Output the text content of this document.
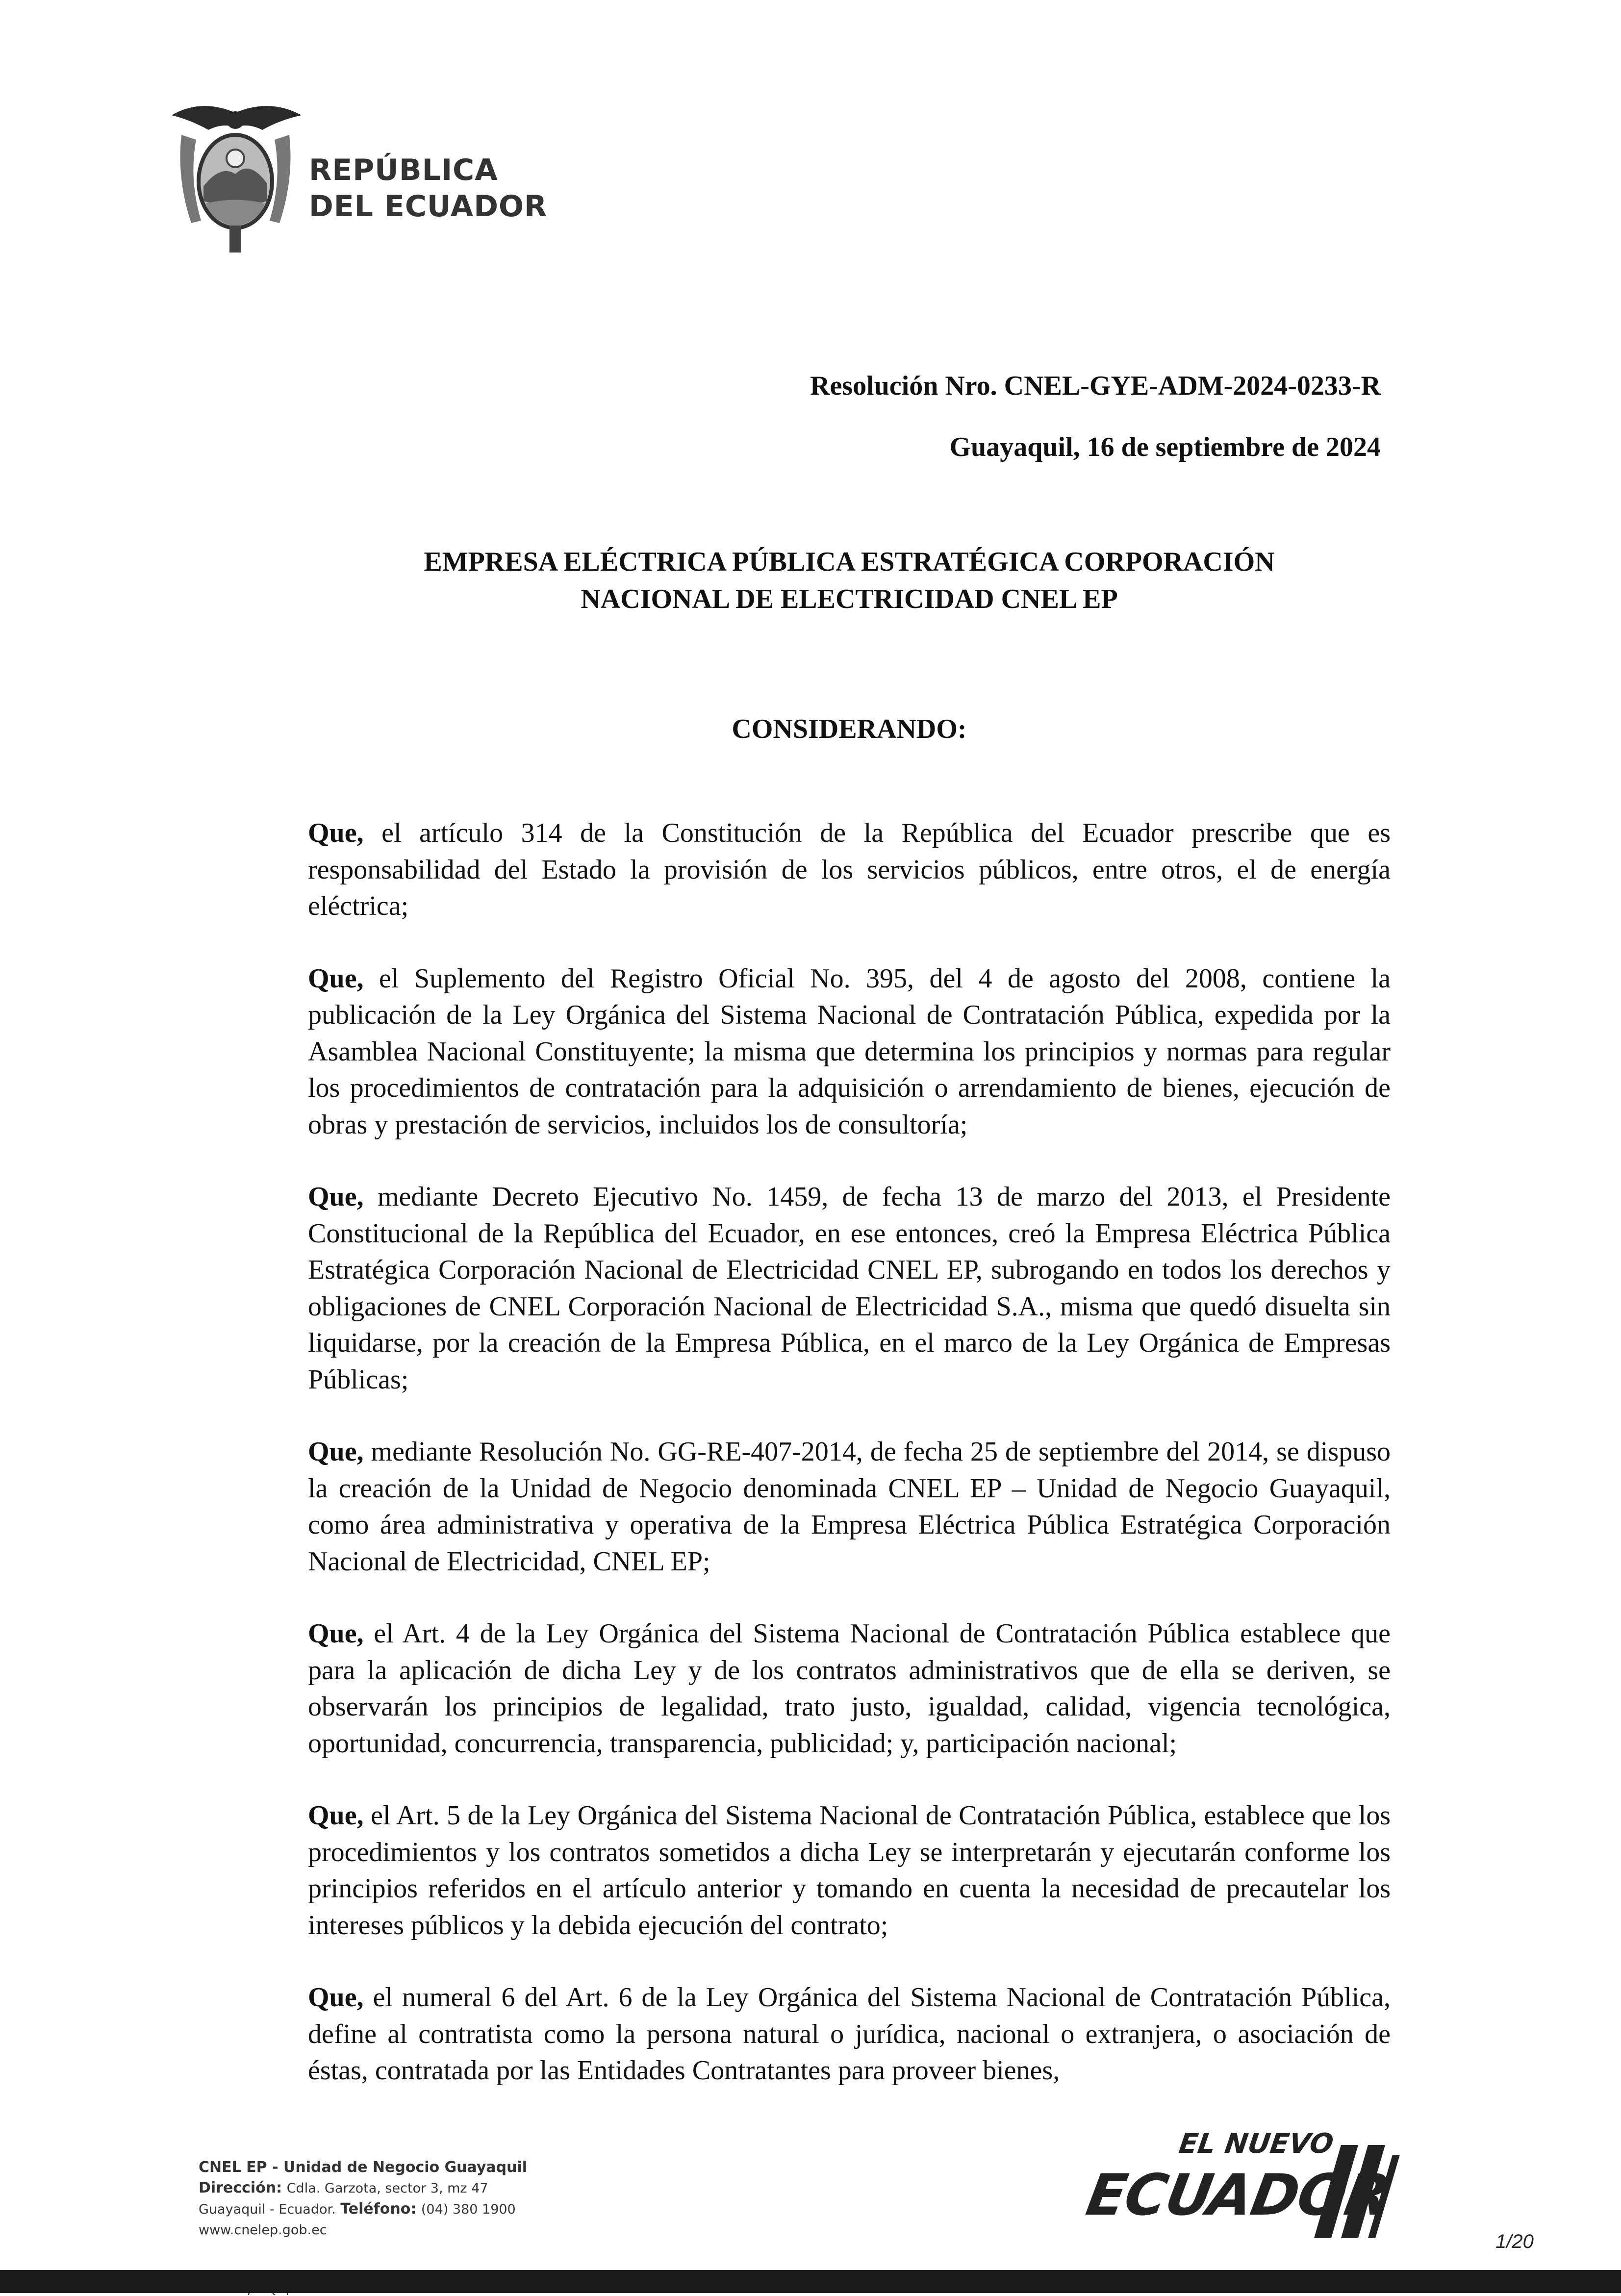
REPÚBLICA
DEL ECUADOR
Resolución Nro. CNEL-GYE-ADM-2024-0233-R
Guayaquil, 16 de septiembre de 2024
EMPRESA ELÉCTRICA PÚBLICA ESTRATÉGICA CORPORACIÓN
NACIONAL DE ELECTRICIDAD CNEL EP
CONSIDERANDO:

Que, el artículo 314 de la Constitución de la República del Ecuador prescribe que es responsabilidad del Estado la provisión de los servicios públicos, entre otros, el de energía eléctrica;

Que, el Suplemento del Registro Oficial No. 395, del 4 de agosto del 2008, contiene la publicación de la Ley Orgánica del Sistema Nacional de Contratación Pública, expedida por la Asamblea Nacional Constituyente; la misma que determina los principios y normas para regular los procedimientos de contratación para la adquisición o arrendamiento de bienes, ejecución de obras y prestación de servicios, incluidos los de consultoría;

Que, mediante Decreto Ejecutivo No. 1459, de fecha 13 de marzo del 2013, el Presidente Constitucional de la República del Ecuador, en ese entonces, creó la Empresa Eléctrica Pública Estratégica Corporación Nacional de Electricidad CNEL EP, subrogando en todos los derechos y obligaciones de CNEL Corporación Nacional de Electricidad S.A., misma que quedó disuelta sin liquidarse, por la creación de la Empresa Pública, en el marco de la Ley Orgánica de Empresas Públicas;

Que, mediante Resolución No. GG-RE-407-2014, de fecha 25 de septiembre del 2014, se dispuso la creación de la Unidad de Negocio denominada CNEL EP – Unidad de Negocio Guayaquil, como área administrativa y operativa de la Empresa Eléctrica Pública Estratégica Corporación Nacional de Electricidad, CNEL EP;

Que, el Art. 4 de la Ley Orgánica del Sistema Nacional de Contratación Pública establece que para la aplicación de dicha Ley y de los contratos administrativos que de ella se deriven, se observarán los principios de legalidad, trato justo, igualdad, calidad, vigencia tecnológica, oportunidad, concurrencia, transparencia, publicidad; y, participación nacional;

Que, el Art. 5 de la Ley Orgánica del Sistema Nacional de Contratación Pública, establece que los procedimientos y los contratos sometidos a dicha Ley se interpretarán y ejecutarán conforme los principios referidos en el artículo anterior y tomando en cuenta la necesidad de precautelar los intereses públicos y la debida ejecución del contrato;

Que, el numeral 6 del Art. 6 de la Ley Orgánica del Sistema Nacional de Contratación Pública, define al contratista como la persona natural o jurídica, nacional o extranjera, o asociación de éstas, contratada por las Entidades Contratantes para proveer bienes,

CNEL EP - Unidad de Negocio Guayaquil
Dirección: Cdla. Garzota, sector 3, mz 47
Guayaquil - Ecuador. Teléfono: (04) 380 1900
www.cnelep.gob.ec
EL NUEVO
ECUADOR
1/20
